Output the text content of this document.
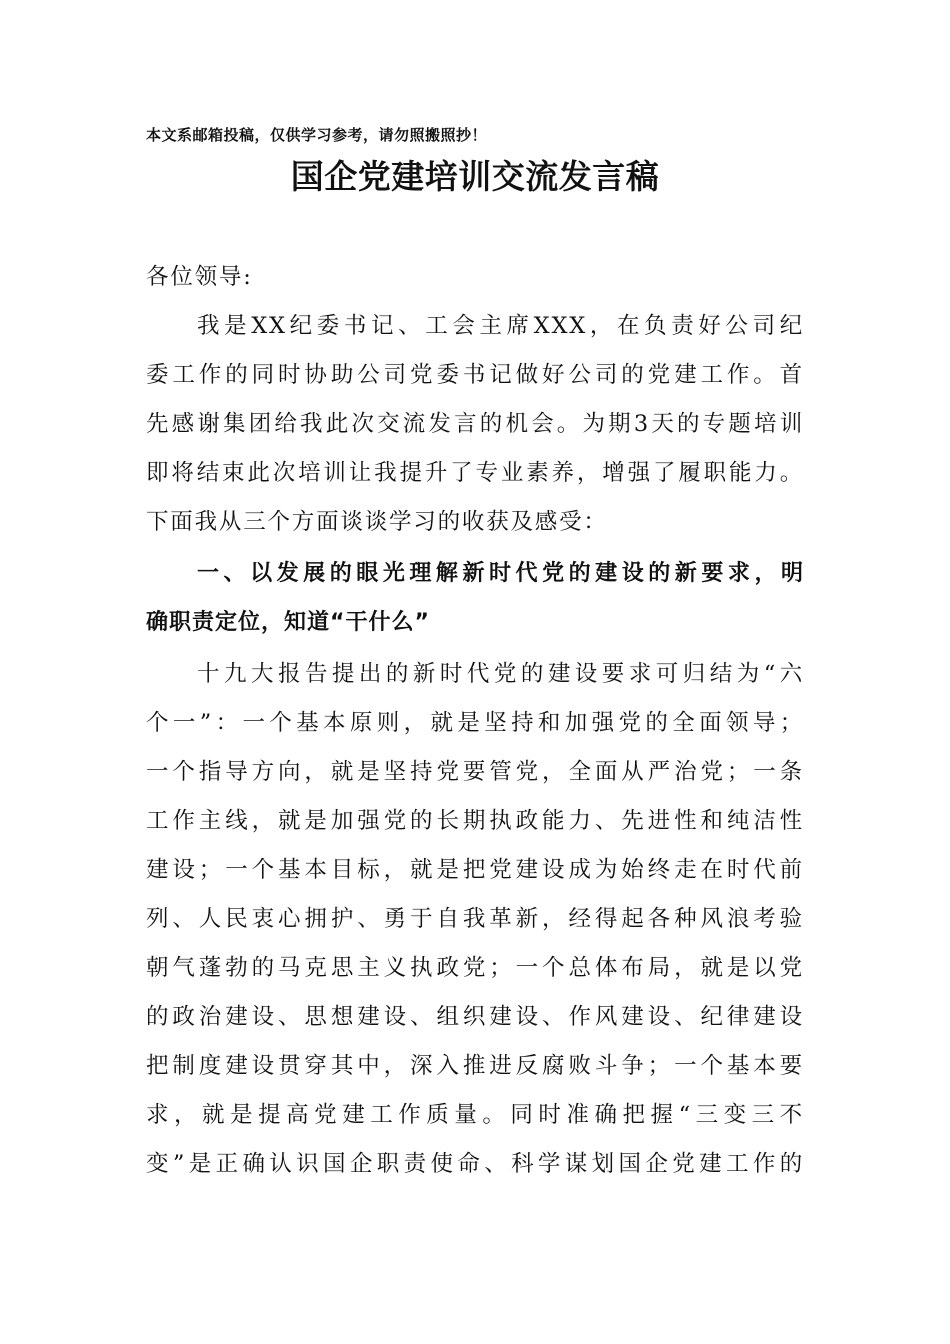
本文系邮箱投稿，仅供学习参考，请勿照搬照抄！
国企党建培训交流发言稿
各位领导:
我是XX纪委书记、工会主席XXX，在负责好公司纪
委工作的同时协助公司党委书记做好公司的党建工作。首
先感谢集团给我此次交流发言的机会。为期3天的专题培训
即将结束此次培训让我提升了专业素养，增强了履职能力。
下面我从三个方面谈谈学习的收获及感受：
一、以发展的眼光理解新时代党的建设的新要求，明
确职责定位，知道“干什么”
十九大报告提出的新时代党的建设要求可归结为“六
个一”：一个基本原则，就是坚持和加强党的全面领导；
一个指导方向，就是坚持党要管党，全面从严治党；一条
工作主线，就是加强党的长期执政能力、先进性和纯洁性
建设；一个基本目标，就是把党建设成为始终走在时代前
列、人民衷心拥护、勇于自我革新，经得起各种风浪考验
朝气蓬勃的马克思主义执政党；一个总体布局，就是以党
的政治建设、思想建设、组织建设、作风建设、纪律建设
把制度建设贯穿其中，深入推进反腐败斗争；一个基本要
求，就是提高党建工作质量。同时准确把握“三变三不
变”是正确认识国企职责使命、科学谋划国企党建工作的
